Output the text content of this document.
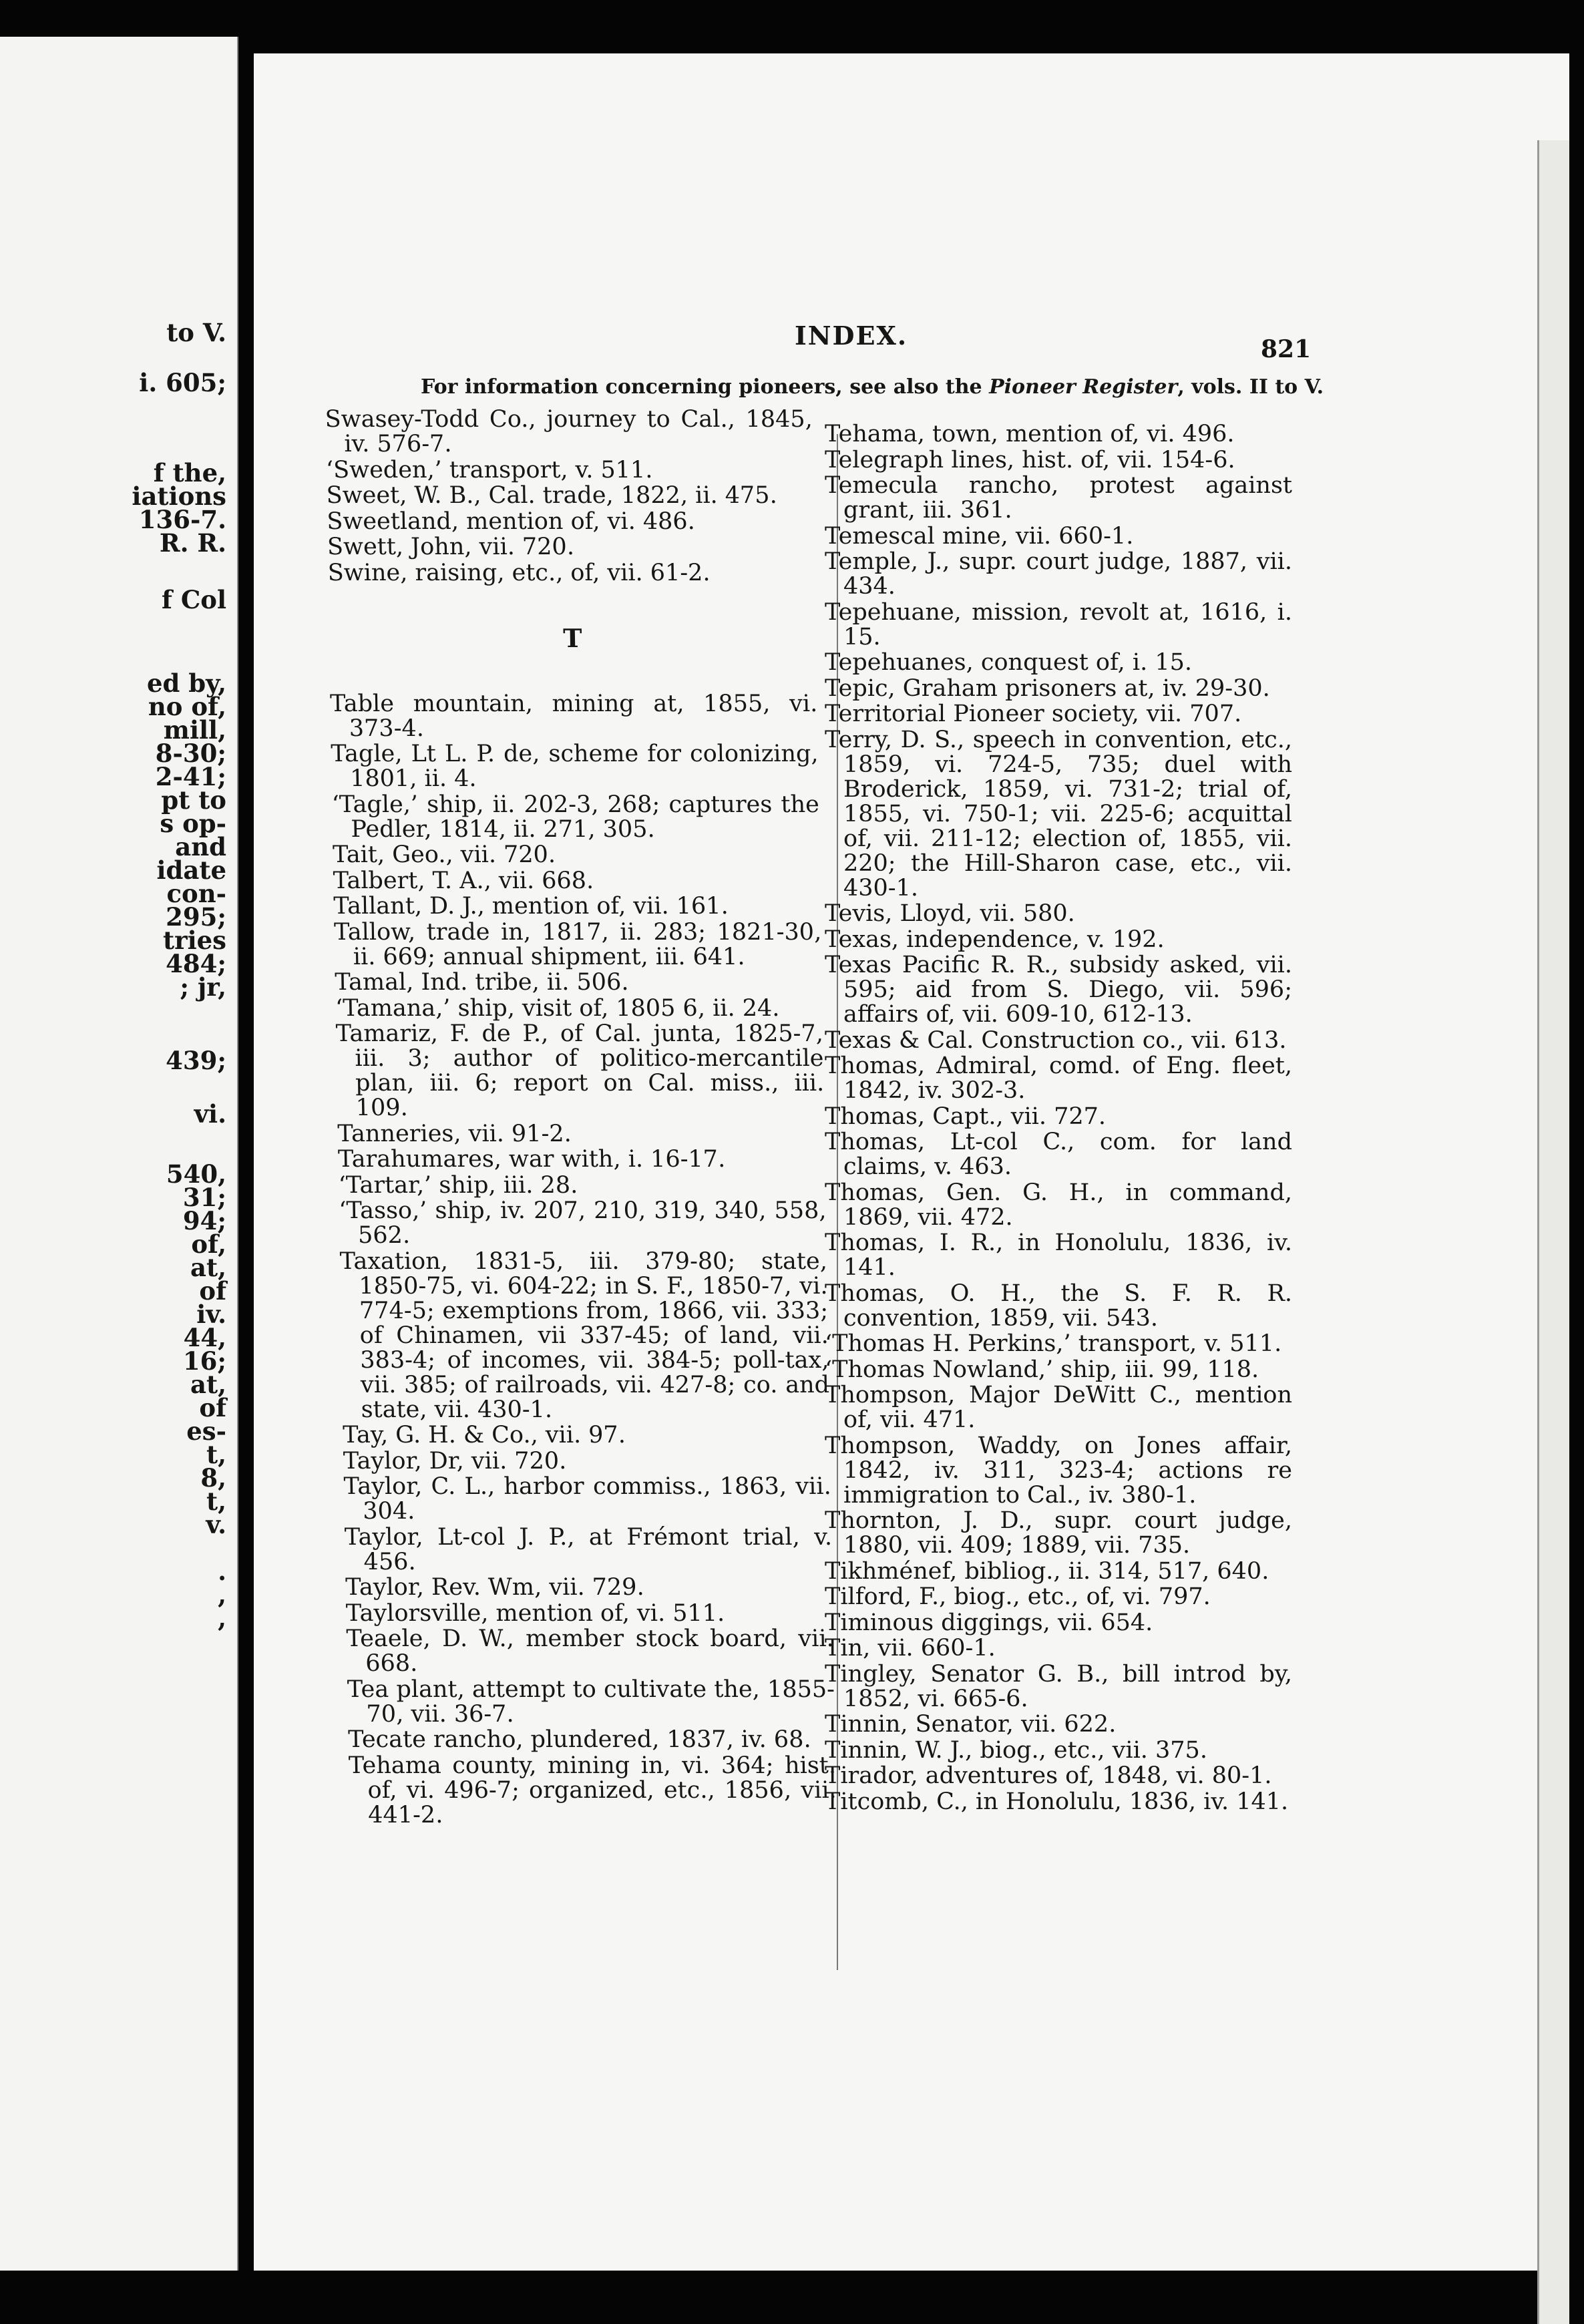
to V.
i. 605;
f the,
iations
136-7.
R. R.
f Col
ed by,
no of,
mill,
8-30;
2-41;
pt to
s op-
and
idate
con-
295;
tries
484;
; jr,
439;
vi.
540,
31;
94;
of,
at,
of
iv.
44,
16;
at,
of
es-
t,
8,
t,
v.
.
,
,
INDEX.	821
For information concerning pioneers, see also the Pioneer Register, vols. II to V.
Swasey-Todd Co., journey to Cal., 1845, iv. 576-7.
‘Sweden,’ transport, v. 511.
Sweet, W. B., Cal. trade, 1822, ii. 475.
Sweetland, mention of, vi. 486.
Swett, John, vii. 720.
Swine, raising, etc., of, vii. 61-2.
T
Table mountain, mining at, 1855, vi. 373-4.
Tagle, Lt L. P. de, scheme for colonizing, 1801, ii. 4.
‘Tagle,’ ship, ii. 202-3, 268; captures the Pedler, 1814, ii. 271, 305.
Tait, Geo., vii. 720.
Talbert, T. A., vii. 668.
Tallant, D. J., mention of, vii. 161.
Tallow, trade in, 1817, ii. 283; 1821-30, ii. 669; annual shipment, iii. 641.
Tamal, Ind. tribe, ii. 506.
‘Tamana,’ ship, visit of, 1805 6, ii. 24.
Tamariz, F. de P., of Cal. junta, 1825-7, iii. 3; author of politico-mercantile plan, iii. 6; report on Cal. miss., iii. 109.
Tanneries, vii. 91-2.
Tarahumares, war with, i. 16-17.
‘Tartar,’ ship, iii. 28.
‘Tasso,’ ship, iv. 207, 210, 319, 340, 558, 562.
Taxation, 1831-5, iii. 379-80; state, 1850-75, vi. 604-22; in S. F., 1850-7, vi. 774-5; exemptions from, 1866, vii. 333; of Chinamen, vii 337-45; of land, vii. 383-4; of incomes, vii. 384-5; poll-tax, vii. 385; of railroads, vii. 427-8; co. and state, vii. 430-1.
Tay, G. H. & Co., vii. 97.
Taylor, Dr, vii. 720.
Taylor, C. L., harbor commiss., 1863, vii. 304.
Taylor, Lt-col J. P., at Frémont trial, v. 456.
Taylor, Rev. Wm, vii. 729.
Taylorsville, mention of, vi. 511.
Teaele, D. W., member stock board, vii. 668.
Tea plant, attempt to cultivate the, 1855-70, vii. 36-7.
Tecate rancho, plundered, 1837, iv. 68.
Tehama county, mining in, vi. 364; hist. of, vi. 496-7; organized, etc., 1856, vii. 441-2.
Tehama, town, mention of, vi. 496.
Telegraph lines, hist. of, vii. 154-6.
Temecula rancho, protest against grant, iii. 361.
Temescal mine, vii. 660-1.
Temple, J., supr. court judge, 1887, vii. 434.
Tepehuane, mission, revolt at, 1616, i. 15.
Tepehuanes, conquest of, i. 15.
Tepic, Graham prisoners at, iv. 29-30.
Territorial Pioneer society, vii. 707.
Terry, D. S., speech in convention, etc., 1859, vi. 724-5, 735; duel with Broderick, 1859, vi. 731-2; trial of, 1855, vi. 750-1; vii. 225-6; acquittal of, vii. 211-12; election of, 1855, vii. 220; the Hill-Sharon case, etc., vii. 430-1.
Tevis, Lloyd, vii. 580.
Texas, independence, v. 192.
Texas Pacific R. R., subsidy asked, vii. 595; aid from S. Diego, vii. 596; affairs of, vii. 609-10, 612-13.
Texas & Cal. Construction co., vii. 613.
Thomas, Admiral, comd. of Eng. fleet, 1842, iv. 302-3.
Thomas, Capt., vii. 727.
Thomas, Lt-col C., com. for land claims, v. 463.
Thomas, Gen. G. H., in command, 1869, vii. 472.
Thomas, I. R., in Honolulu, 1836, iv. 141.
Thomas, O. H., the S. F. R. R. convention, 1859, vii. 543.
‘Thomas H. Perkins,’ transport, v. 511.
‘Thomas Nowland,’ ship, iii. 99, 118.
Thompson, Major DeWitt C., mention of, vii. 471.
Thompson, Waddy, on Jones affair, 1842, iv. 311, 323-4; actions re immigration to Cal., iv. 380-1.
Thornton, J. D., supr. court judge, 1880, vii. 409; 1889, vii. 735.
Tikhménef, bibliog., ii. 314, 517, 640.
Tilford, F., biog., etc., of, vi. 797.
Timinous diggings, vii. 654.
Tin, vii. 660-1.
Tingley, Senator G. B., bill introd by, 1852, vi. 665-6.
Tinnin, Senator, vii. 622.
Tinnin, W. J., biog., etc., vii. 375.
Tirador, adventures of, 1848, vi. 80-1.
Titcomb, C., in Honolulu, 1836, iv. 141.
